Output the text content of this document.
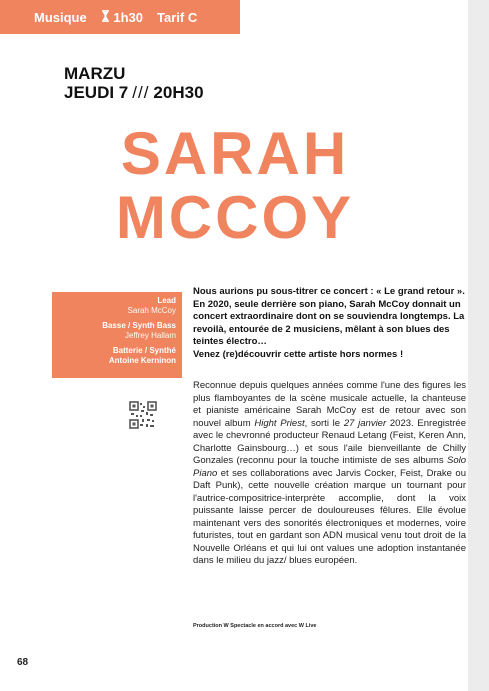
Musique	1h30 Tarif C
MARZU
JEUDI 7 /// 20H30
SARAH
MCCOY
Lead
Sarah McCoy
Basse / Synth Bass
Jeffrey Hallam
Batterie / Synthé
Antoine Kerninon
Nous aurions pu sous-titrer ce concert : « Le grand retour ». En 2020, seule derrière son piano, Sarah McCoy donnait un concert extraordinaire dont on se souviendra longtemps. La revoilà, entourée de 2 musiciens, mêlant à son blues des teintes électro…
Venez (re)découvrir cette artiste hors normes !
Reconnue depuis quelques années comme l'une des figures les plus flamboyantes de la scène musicale actuelle, la chanteuse et pianiste américaine Sarah McCoy est de retour avec son nouvel album Hight Priest, sorti le 27 janvier 2023. Enregistrée avec le chevronné producteur Renaud Letang (Feist, Keren Ann, Charlotte Gainsbourg…) et sous l'aile bienveillante de Chilly Gonzales (reconnu pour la touche intimiste de ses albums Solo Piano et ses collaborations avec Jarvis Cocker, Feist, Drake ou Daft Punk), cette nouvelle création marque un tournant pour l'autrice-compositrice-interprète accomplie, dont la voix puissante laisse percer de douloureuses fêlures. Elle évolue maintenant vers des sonorités électroniques et modernes, voire futuristes, tout en gardant son ADN musical venu tout droit de la Nouvelle Orléans et qui lui ont values une adoption instantanée dans le milieu du jazz/ blues européen.
Production W Spectacle en accord avec W Live
68
